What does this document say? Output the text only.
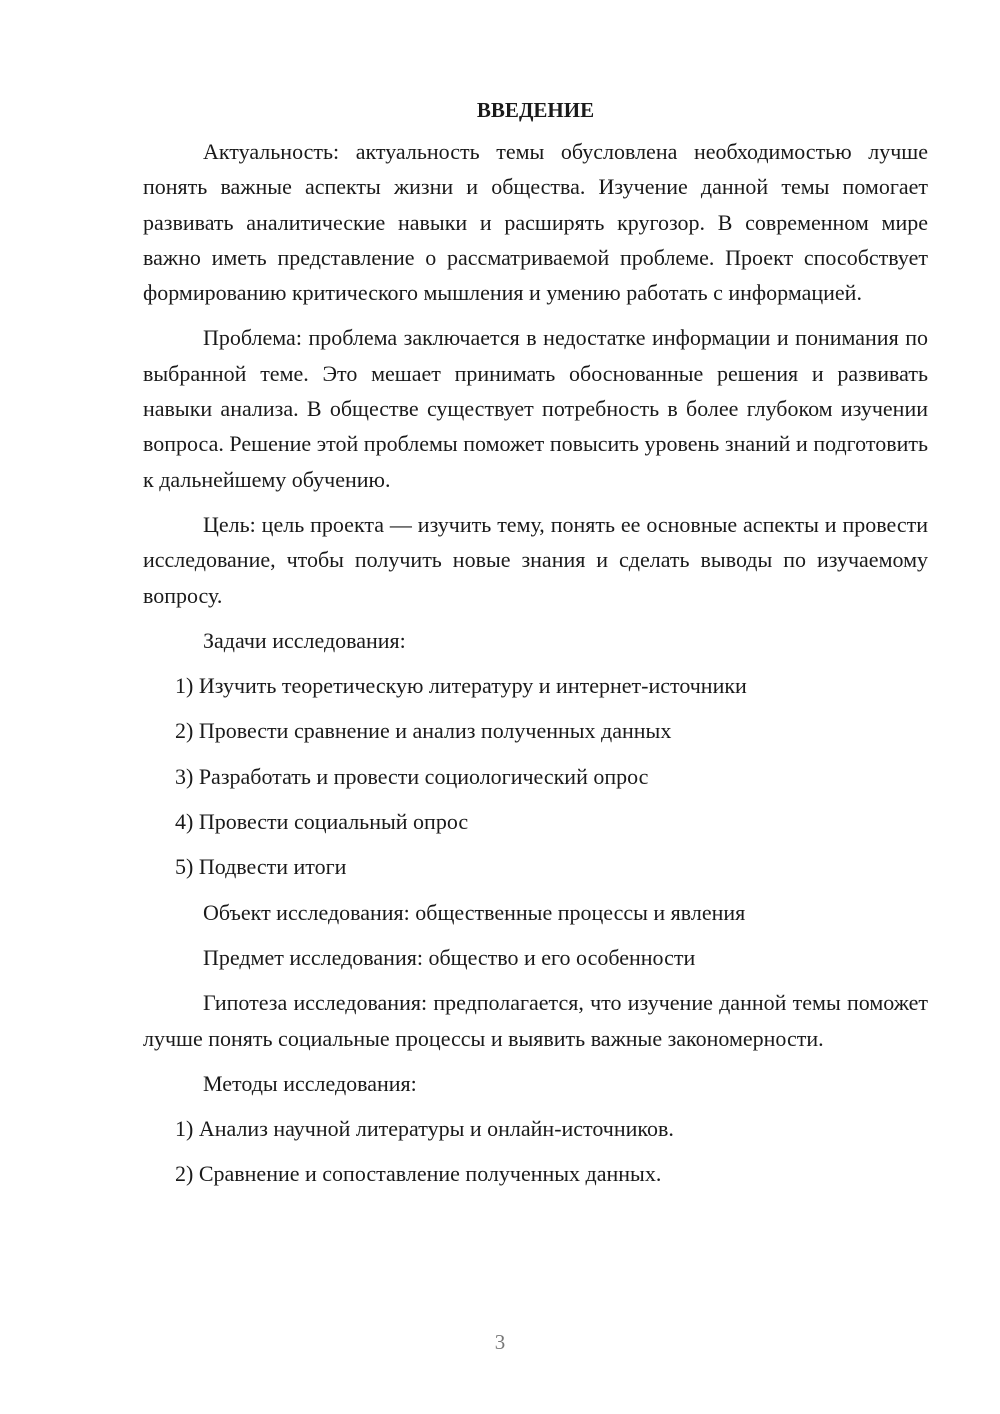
ВВЕДЕНИЕ

Актуальность: актуальность темы обусловлена необходимостью лучше понять важные аспекты жизни и общества. Изучение данной темы помогает развивать аналитические навыки и расширять кругозор. В современном мире важно иметь представление о рассматриваемой проблеме. Проект способствует формированию критического мышления и умению работать с информацией.

Проблема: проблема заключается в недостатке информации и понимания по выбранной теме. Это мешает принимать обоснованные решения и развивать навыки анализа. В обществе существует потребность в более глубоком изучении вопроса. Решение этой проблемы поможет повысить уровень знаний и подготовить к дальнейшему обучению.

Цель: цель проекта — изучить тему, понять ее основные аспекты и провести исследование, чтобы получить новые знания и сделать выводы по изучаемому вопросу.

Задачи исследования:

1) Изучить теоретическую литературу и интернет-источники

2) Провести сравнение и анализ полученных данных

3) Разработать и провести социологический опрос

4) Провести социальный опрос

5) Подвести итоги

Объект исследования: общественные процессы и явления

Предмет исследования: общество и его особенности

Гипотеза исследования: предполагается, что изучение данной темы поможет лучше понять социальные процессы и выявить важные закономерности.

Методы исследования:

1) Анализ научной литературы и онлайн-источников.

2) Сравнение и сопоставление полученных данных.

3
